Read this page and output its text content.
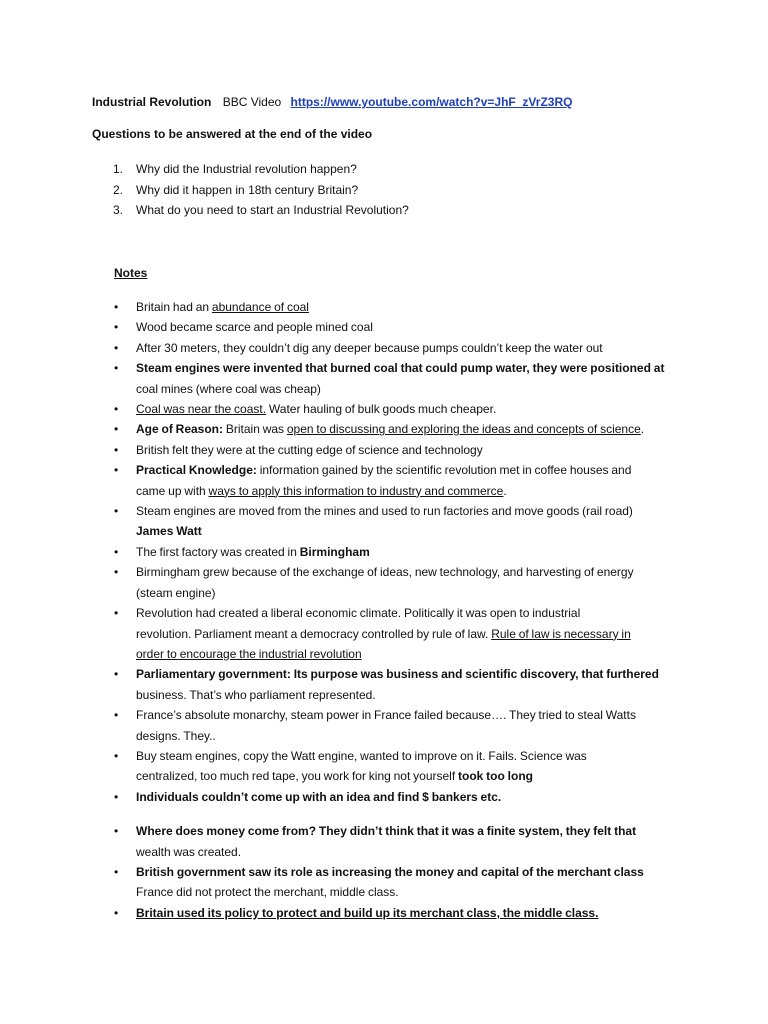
Industrial Revolution BBC Video https://www.youtube.com/watch?v=JhF_zVrZ3RQ
Questions to be answered at the end of the video
1. Why did the Industrial revolution happen?
2. Why did it happen in 18th century Britain?
3. What do you need to start an Industrial Revolution?
Notes
• Britain had an abundance of coal
• Wood became scarce and people mined coal
• After 30 meters, they couldn’t dig any deeper because pumps couldn’t keep the water out
• Steam engines were invented that burned coal that could pump water, they were positioned at
coal mines (where coal was cheap)
• Coal was near the coast. Water hauling of bulk goods much cheaper.
• Age of Reason: Britain was open to discussing and exploring the ideas and concepts of science.
• British felt they were at the cutting edge of science and technology
• Practical Knowledge: information gained by the scientific revolution met in coffee houses and
came up with ways to apply this information to industry and commerce.
• Steam engines are moved from the mines and used to run factories and move goods (rail road)
James Watt
• The first factory was created in Birmingham
• Birmingham grew because of the exchange of ideas, new technology, and harvesting of energy
(steam engine)
• Revolution had created a liberal economic climate. Politically it was open to industrial
revolution. Parliament meant a democracy controlled by rule of law. Rule of law is necessary in
order to encourage the industrial revolution
• Parliamentary government: Its purpose was business and scientific discovery, that furthered
business. That’s who parliament represented.
• France’s absolute monarchy, steam power in France failed because…. They tried to steal Watts
designs. They..
• Buy steam engines, copy the Watt engine, wanted to improve on it. Fails. Science was
centralized, too much red tape, you work for king not yourself took too long
• Individuals couldn’t come up with an idea and find $ bankers etc.
• Where does money come from? They didn’t think that it was a finite system, they felt that
wealth was created.
• British government saw its role as increasing the money and capital of the merchant class
France did not protect the merchant, middle class.
• Britain used its policy to protect and build up its merchant class, the middle class.
